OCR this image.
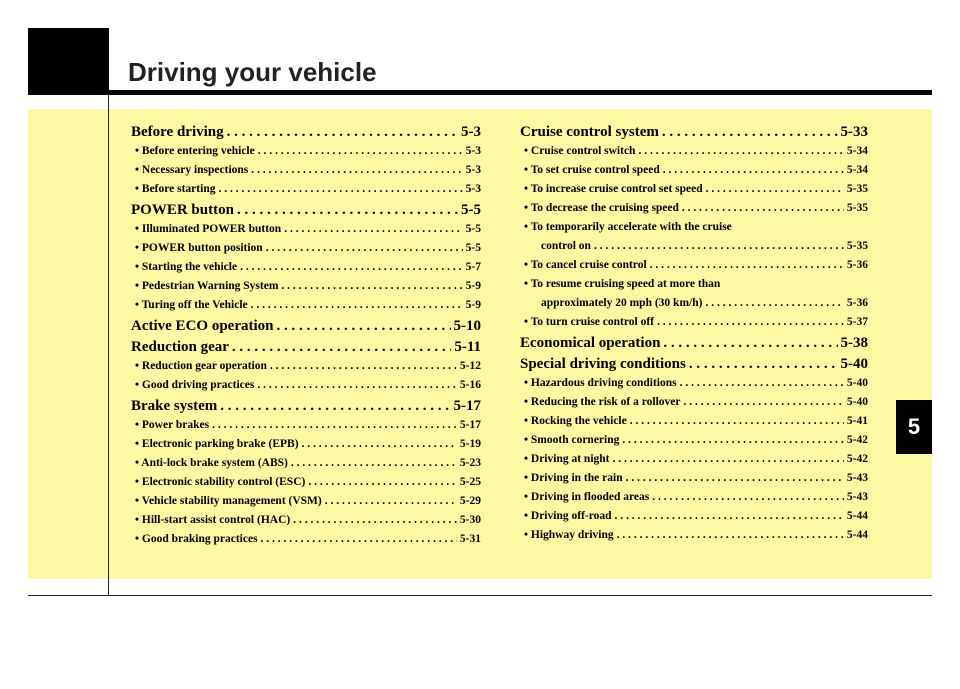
Driving your vehicle
5
Before driving . . .	5-3
• Before entering vehicle . . .	5-3
• Necessary inspections . . .	5-3
• Before starting . . .	5-3
POWER button . . .	5-5
• Illuminated POWER button . . .	5-5
• POWER button position . . .	5-5
• Starting the vehicle . . .	5-7
• Pedestrian Warning System . . .	5-9
• Turing off the Vehicle . . .	5-9
Active ECO operation . . .	5-10
Reduction gear . . .	5-11
• Reduction gear operation . . .	5-12
• Good driving practices . . .	5-16
Brake system . . .	5-17
• Power brakes . . .	5-17
• Electronic parking brake (EPB) . . .	5-19
• Anti-lock brake system (ABS) . . .	5-23
• Electronic stability control (ESC) . . .	5-25
• Vehicle stability management (VSM) . . .	5-29
• Hill-start assist control (HAC) . . .	5-30
• Good braking practices . . .	5-31
Cruise control system . . .	5-33
• Cruise control switch . . .	5-34
• To set cruise control speed . . .	5-34
• To increase cruise control set speed . . .	5-35
• To decrease the cruising speed . . .	5-35
• To temporarily accelerate with the cruise
control on . . .	5-35
• To cancel cruise control . . .	5-36
• To resume cruising speed at more than
approximately 20 mph (30 km/h) . . .	5-36
• To turn cruise control off . . .	5-37
Economical operation . . .	5-38
Special driving conditions . . .	5-40
• Hazardous driving conditions . . .	5-40
• Reducing the risk of a rollover . . .	5-40
• Rocking the vehicle . . .	5-41
• Smooth cornering . . .	5-42
• Driving at night . . .	5-42
• Driving in the rain . . .	5-43
• Driving in flooded areas . . .	5-43
• Driving off-road . . .	5-44
• Highway driving . . .	5-44
